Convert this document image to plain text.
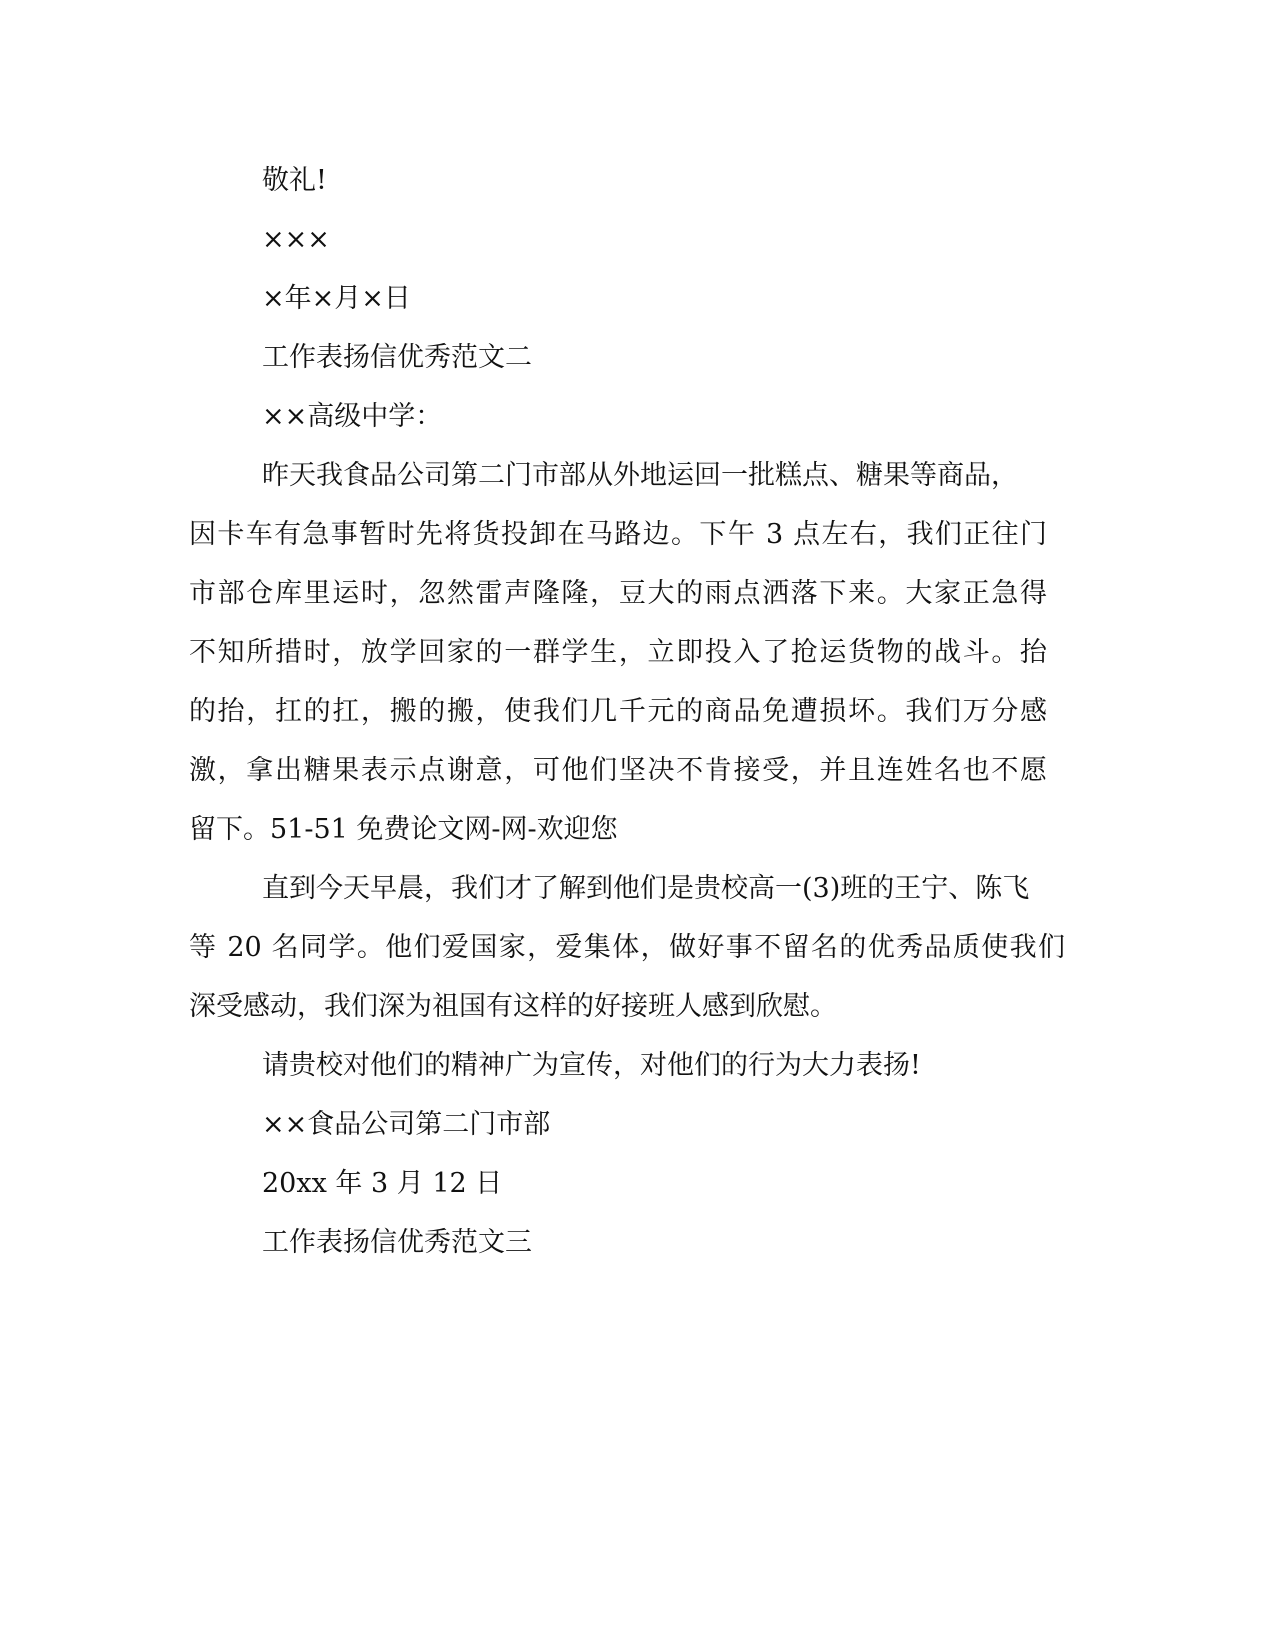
敬礼!
×××
×年×月×日
工作表扬信优秀范文二
××高级中学：
昨天我食品公司第二门市部从外地运回一批糕点、糖果等商品，
因卡车有急事暂时先将货投卸在马路边。下午 3 点左右，我们正往门
市部仓库里运时，忽然雷声隆隆，豆大的雨点洒落下来。大家正急得
不知所措时，放学回家的一群学生，立即投入了抢运货物的战斗。抬
的抬，扛的扛，搬的搬，使我们几千元的商品免遭损坏。我们万分感
激，拿出糖果表示点谢意，可他们坚决不肯接受，并且连姓名也不愿
留下。51-51 免费论文网-网-欢迎您
直到今天早晨，我们才了解到他们是贵校高一(3)班的王宁、陈飞
等 20 名同学。他们爱国家，爱集体，做好事不留名的优秀品质使我们
深受感动，我们深为祖国有这样的好接班人感到欣慰。
请贵校对他们的精神广为宣传，对他们的行为大力表扬!
××食品公司第二门市部
20xx 年 3 月 12 日
工作表扬信优秀范文三
